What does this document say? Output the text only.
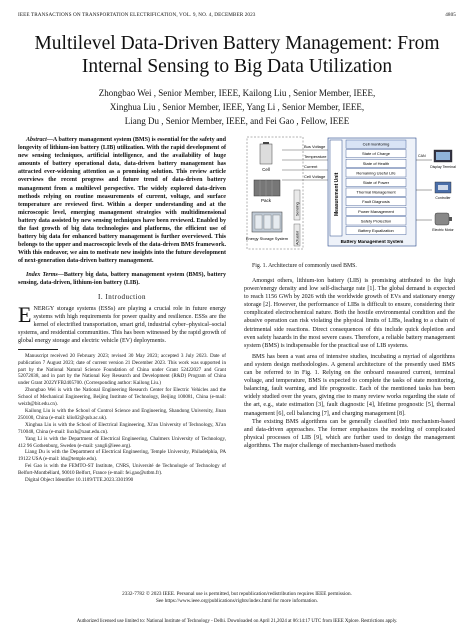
IEEE TRANSACTIONS ON TRANSPORTATION ELECTRIFICATION, VOL. 9, NO. 4, DECEMBER 2023	4805
Multilevel Data-Driven Battery Management: From
Internal Sensing to Big Data Utilization
Zhongbao Wei , Senior Member, IEEE, Kailong Liu , Senior Member, IEEE,
Xinghua Liu , Senior Member, IEEE, Yang Li , Senior Member, IEEE,
Liang Du , Senior Member, IEEE, and Fei Gao , Fellow, IEEE

Abstract—A battery management system (BMS) is essential for the safety and longevity of lithium-ion battery (LIB) utilization. With the rapid development of new sensing techniques, artificial intelligence, and the availability of huge amounts of battery operational data, data-driven battery management has attracted ever-widening attention as a promising solution. This review article overviews the recent progress and future trend of data-driven battery management from a multilevel perspective. The widely explored data-driven methods relying on routine measurements of current, voltage, and surface temperature are reviewed first. Within a deeper understanding and at the microscopic level, emerging management strategies with multidimensional battery data assisted by new sensing techniques have been reviewed. Enabled by the fast growth of big data technologies and platforms, the efficient use of battery big data for enhanced battery management is further overviewed. This belongs to the upper and macroscopic levels of the data-driven BMS framework. With this endeavor, we aim to motivate new insights into the future development of next-generation data-driven battery management.

Index Terms—Battery big data, battery management system (BMS), battery sensing, data-driven, lithium-ion battery (LIB).

I. Introduction

ENERGY storage systems (ESSs) are playing a crucial role in future energy systems with high requirements for power quality and resilience. ESSs are the kernel of electrified transportation, smart grid, industrial cyber–physical–social systems, and residential communities. This has been witnessed by the rapid growth of global energy storage and electric vehicle (EV) deployments.

Manuscript received 20 February 2023; revised 30 May 2023; accepted 3 July 2023. Date of publication 7 August 2023; date of current version 21 December 2023. This work was supported in part by the National Natural Science Foundation of China under Grant 52422027 and Grant 52072038, and in part by the National Key Research and Development (R&D) Program of China under Grant 2022YFB2405700. (Corresponding author: Kailong Liu.)

Zhongbao Wei is with the National Engineering Research Center for Electric Vehicles and the School of Mechanical Engineering, Beijing Institute of Technology, Beijing 100081, China (e-mail: weizb@bit.edu.cn).

Kailong Liu is with the School of Control Science and Engineering, Shandong University, Jinan 250100, China (e-mail: kliu02@qub.ac.uk).

Xinghua Liu is with the School of Electrical Engineering, Xi'an University of Technology, Xi'an 710048, China (e-mail: liuxh@xaut.edu.cn).

Yang Li is with the Department of Electrical Engineering, Chalmers University of Technology, 412 96 Gothenburg, Sweden (e-mail: yangli@ieee.org).

Liang Du is with the Department of Electrical Engineering, Temple University, Philadelphia, PA 19122 USA (e-mail: ldu@temple.edu).

Fei Gao is with the FEMTO-ST Institute, CNRS, Université de Technologie of Technology of Belfort-Montbéliard, 90010 Belfort, France (e-mail: fei.gao@utbm.fr).

Digital Object Identifier 10.1109/TTE.2023.3301990

Cell
Pack
Energy Storage System
Bus Voltage
Temperature
Current
Cell Voltage
Sensing
Actuator
Measurement Unit
Cell monitoring
State of Charge
State of Health
Remaining Useful Life
State of Power
Thermal Management
Fault Diagnosis
Power Management
Safety Protection
Battery Equalization
Battery Management System
CAN
Display Terminal
Controller
Electric Motor
Fig. 1. Architecture of commonly used BMS.

Amongst others, lithium-ion battery (LIB) is promising attributed to the high power/energy density and low self-discharge rate [1]. The global demand is expected to reach 1156 GWh by 2026 with the worldwide growth of EVs and stationary energy storage [2]. However, the performance of LIBs is difficult to ensure, considering their complicated electrochemical nature. Both the hostile environmental condition and the abusive operation can risk violating the physical limits of LIBs, leading to a chain of detrimental side reactions. Direct consequences of this include quick depletion and even safety hazards in the most severe cases. Therefore, a reliable battery management system (BMS) is indispensable for the practical use of LIB systems.

BMS has been a vast area of intensive studies, incubating a myriad of algorithms and system design methodologies. A general architecture of the presently used BMS can be referred to in Fig. 1. Relying on the onboard measured current, terminal voltage, and temperature, BMS is expected to complete the tasks of state monitoring, balancing, fault warning, and life prognostic. Each of the mentioned tasks has been widely studied over the years, giving rise to many review works regarding the state of the art, e.g., state estimation [3], fault diagnostic [4], lifetime prognostic [5], thermal management [6], cell balancing [7], and charging management [8].

The existing BMS algorithms can be generally classified into mechanism-based and data-driven approaches. The former emphasizes the modeling of complicated physical processes of LIB [9], which are further used to design the management algorithms. The major challenge of mechanism-based methods

2332-7782 © 2023 IEEE. Personal use is permitted, but republication/redistribution requires IEEE permission.
See https://www.ieee.org/publications/rights/index.html for more information.
Authorized licensed use limited to: National Institute of Technology - Delhi. Downloaded on April 21,2024 at 06:14:17 UTC from IEEE Xplore. Restrictions apply.
